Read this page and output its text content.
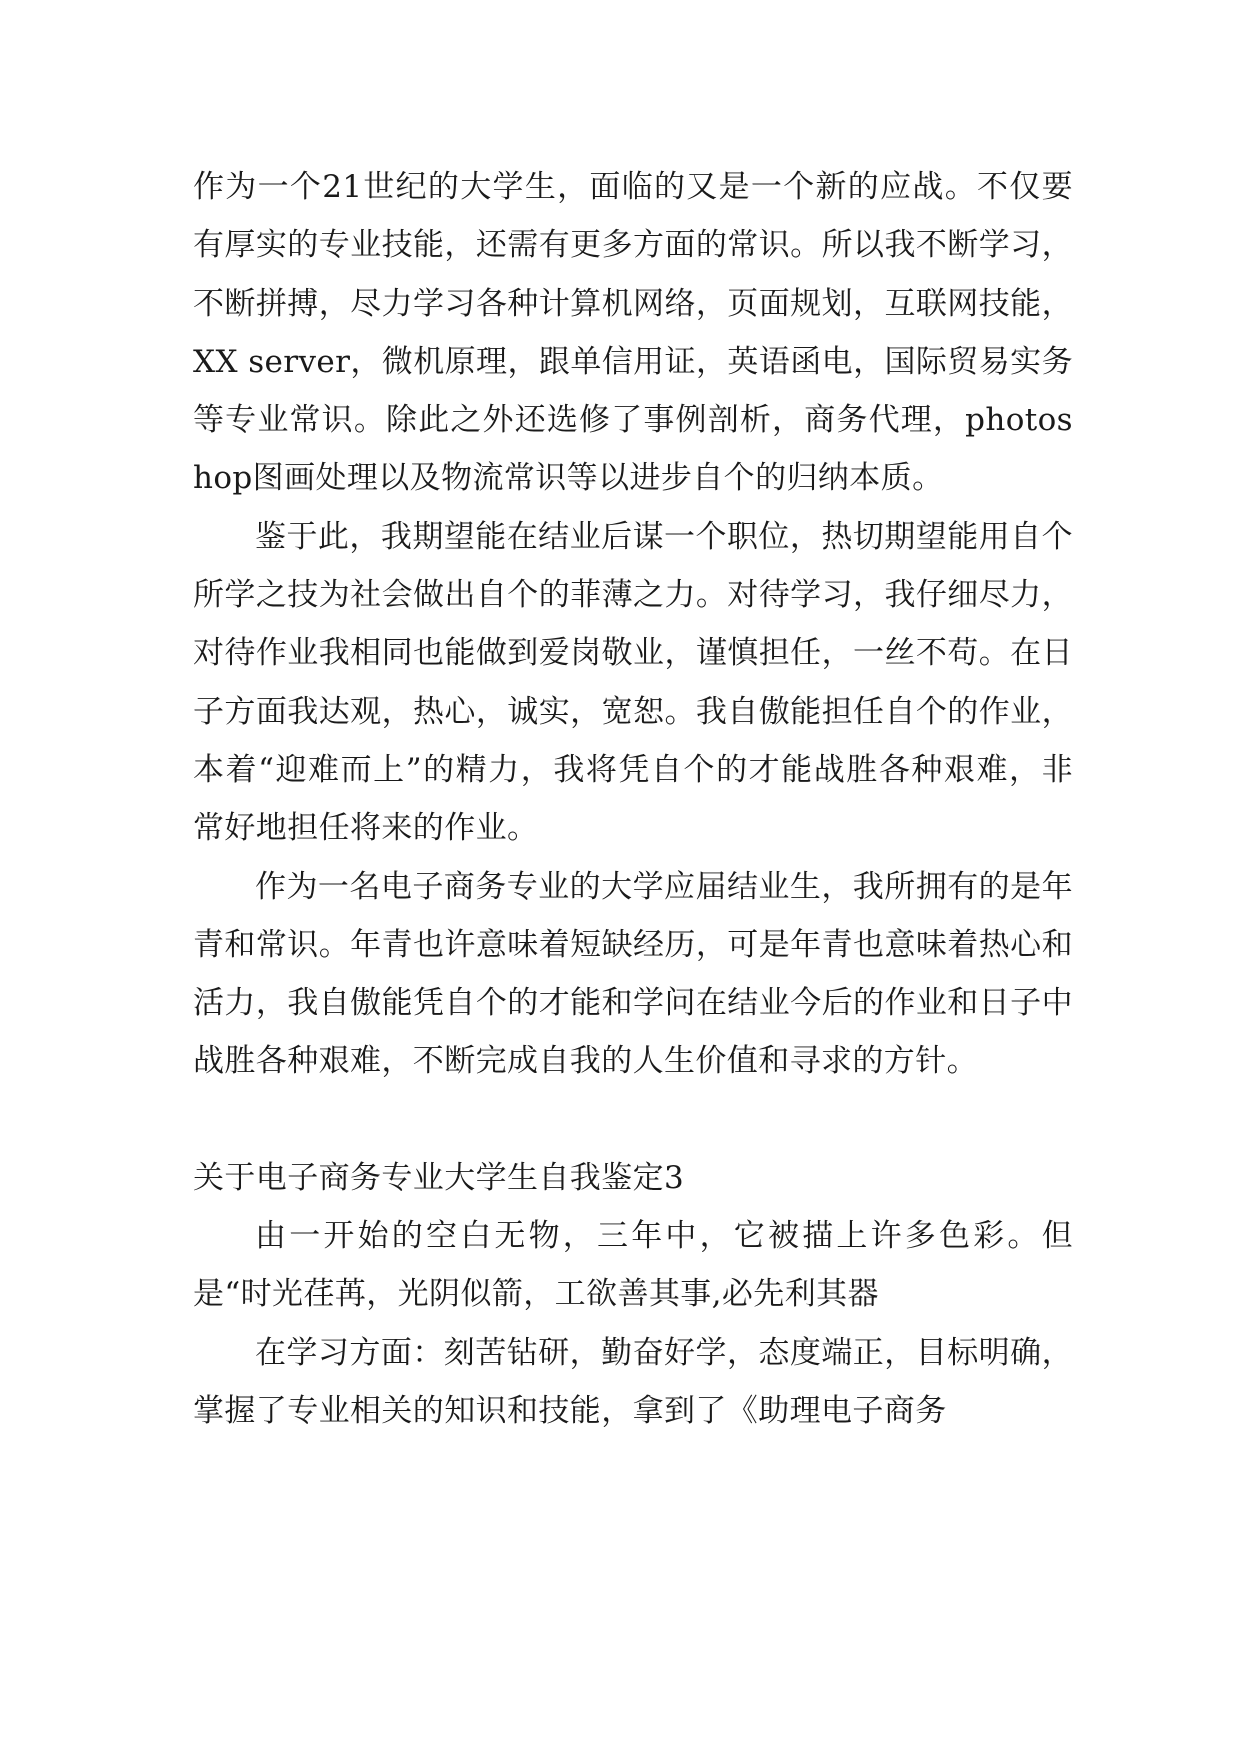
作为一个21世纪的大学生，面临的又是一个新的应战。不仅要有厚实的专业技能，还需有更多方面的常识。所以我不断学习，不断拼搏，尽力学习各种计算机网络，页面规划，互联网技能，XX server，微机原理，跟单信用证，英语函电，国际贸易实务等专业常识。除此之外还选修了事例剖析，商务代理，photoshop图画处理以及物流常识等以进步自个的归纳本质。

鉴于此，我期望能在结业后谋一个职位，热切期望能用自个所学之技为社会做出自个的菲薄之力。对待学习，我仔细尽力，对待作业我相同也能做到爱岗敬业，谨慎担任，一丝不苟。在日子方面我达观，热心，诚实，宽恕。我自傲能担任自个的作业，本着“迎难而上”的精力，我将凭自个的才能战胜各种艰难，非常好地担任将来的作业。

作为一名电子商务专业的大学应届结业生，我所拥有的是年青和常识。年青也许意味着短缺经历，可是年青也意味着热心和活力，我自傲能凭自个的才能和学问在结业今后的作业和日子中战胜各种艰难，不断完成自我的人生价值和寻求的方针。

关于电子商务专业大学生自我鉴定3

由一开始的空白无物，三年中，它被描上许多色彩。但是“时光荏苒，光阴似箭，工欲善其事,必先利其器

在学习方面：刻苦钻研，勤奋好学，态度端正，目标明确，掌握了专业相关的知识和技能，拿到了《助理电子商务
